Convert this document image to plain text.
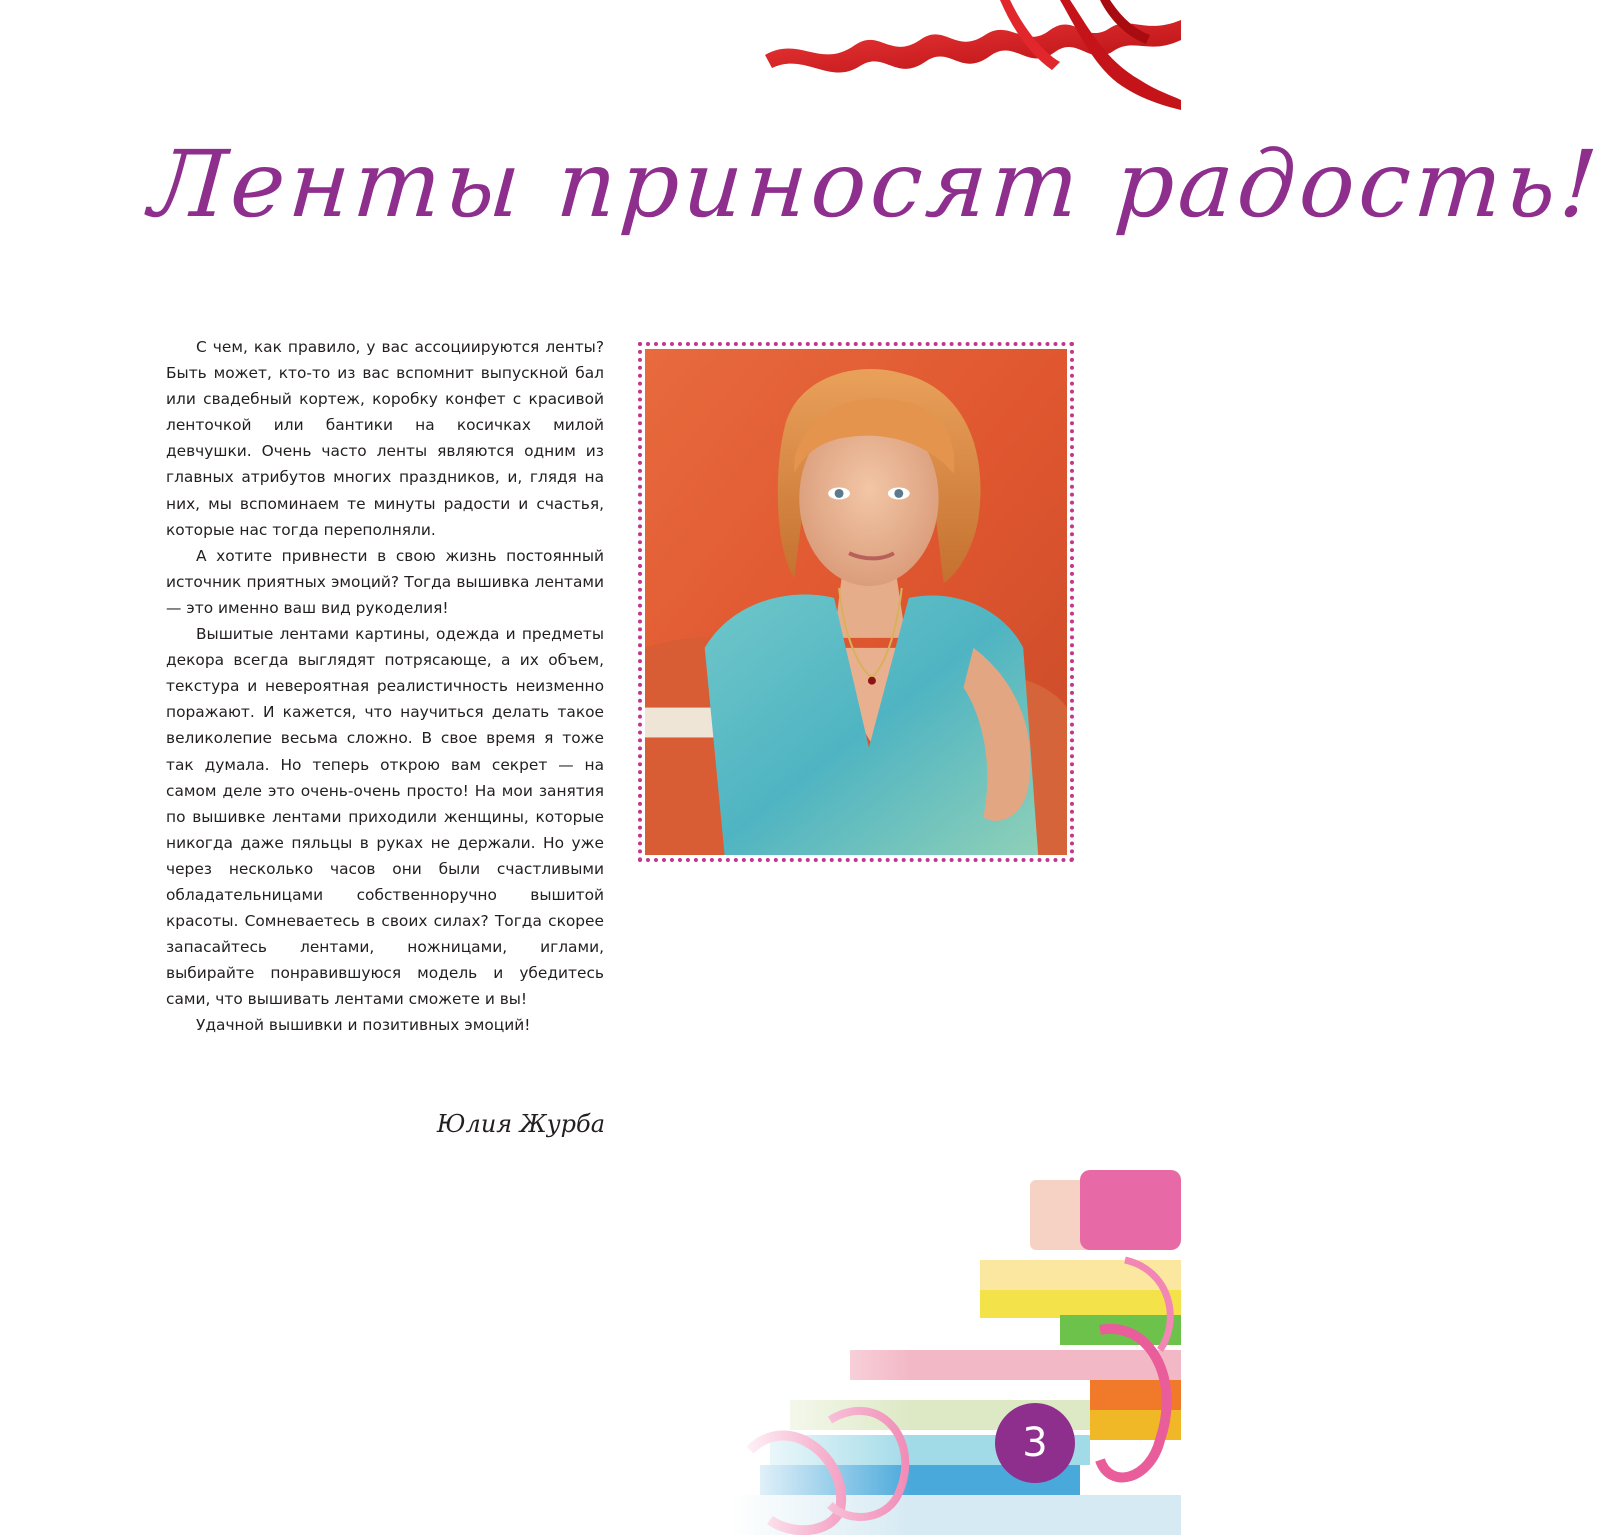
Ленты приносят радость!

С чем, как правило, у вас ассоциируются ленты? Быть может, кто-то из вас вспомнит выпускной бал или свадебный кортеж, коробку конфет с красивой ленточкой или бантики на косичках милой девчушки. Очень часто ленты являются одним из главных атрибутов многих праздников, и, глядя на них, мы вспоминаем те минуты радости и счастья, которые нас тогда переполняли.

А хотите привнести в свою жизнь постоянный источник приятных эмоций? Тогда вышивка лентами — это именно ваш вид рукоделия!

Вышитые лентами картины, одежда и предметы декора всегда выглядят потрясающе, а их объем, текстура и невероятная реалистичность неизменно поражают. И кажется, что научиться делать такое великолепие весьма сложно. В свое время я тоже так думала. Но теперь открою вам секрет — на самом деле это очень-очень просто! На мои занятия по вышивке лентами приходили женщины, которые никогда даже пяльцы в руках не держали. Но уже через несколько часов они были счастливыми обладательницами собственноручно вышитой красоты. Сомневаетесь в своих силах? Тогда скорее запасайтесь лентами, ножницами, иглами, выбирайте понравившуюся модель и убедитесь сами, что вышивать лентами сможете и вы!

Удачной вышивки и позитивных эмоций!

Юлия Журба
3
